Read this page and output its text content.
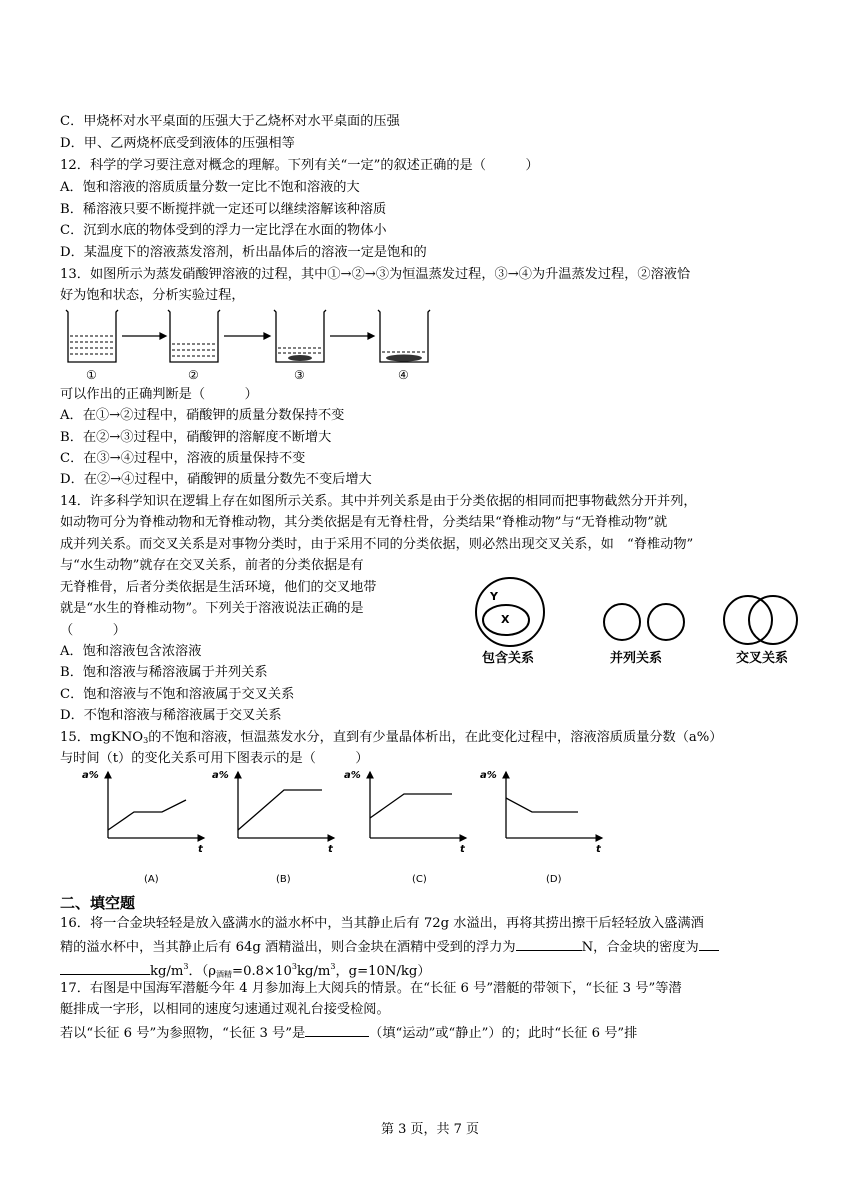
C．甲烧杯对水平桌面的压强大于乙烧杯对水平桌面的压强
D．甲、乙两烧杯底受到液体的压强相等
12．科学的学习要注意对概念的理解。下列有关“一定”的叙述正确的是（　　　）
A．饱和溶液的溶质质量分数一定比不饱和溶液的大
B．稀溶液只要不断搅拌就一定还可以继续溶解该种溶质
C．沉到水底的物体受到的浮力一定比浮在水面的物体小
D．某温度下的溶液蒸发溶剂，析出晶体后的溶液一定是饱和的
13．如图所示为蒸发硝酸钾溶液的过程，其中①→②→③为恒温蒸发过程，③→④为升温蒸发过程，②溶液恰
好为饱和状态，分析实验过程，
①	②	③	④
可以作出的正确判断是（　　　）
A．在①→②过程中，硝酸钾的质量分数保持不变
B．在②→③过程中，硝酸钾的溶解度不断增大
C．在③→④过程中，溶液的质量保持不变
D．在②→④过程中，硝酸钾的质量分数先不变后增大
14．许多科学知识在逻辑上存在如图所示关系。其中并列关系是由于分类依据的相同而把事物截然分开并列，
如动物可分为脊椎动物和无脊椎动物，其分类依据是有无脊柱骨，分类结果“脊椎动物”与“无脊椎动物”就
成并列关系。而交叉关系是对事物分类时，由于采用不同的分类依据，则必然出现交叉关系，如　“脊椎动物”
与“水生动物”就存在交叉关系，前者的分类依据是有
无脊椎骨，后者分类依据是生活环境，他们的交叉地带
就是“水生的脊椎动物”。下列关于溶液说法正确的是
（　　　）
A．饱和溶液包含浓溶液
B．饱和溶液与稀溶液属于并列关系
C．饱和溶液与不饱和溶液属于交叉关系
D．不饱和溶液与稀溶液属于交叉关系
Y
X
包含关系	并列关系	交叉关系
15．mgKNO$_3$的不饱和溶液，恒温蒸发水分，直到有少量晶体析出，在此变化过程中，溶液溶质质量分数（a%）
与时间（t）的变化关系可用下图表示的是（　　　）
a%	a%	a%	a%
t	t	t	t
(A)	(B)	(C)	(D)
二、填空题
16．将一合金块轻轻是放入盛满水的溢水杯中，当其静止后有 72g 水溢出，再将其捞出擦干后轻轻放入盛满酒
精的溢水杯中，当其静止后有 64g 酒精溢出，则合金块在酒精中受到的浮力为	N，合金块的密度为
$kg/m^3$．（$\rho_{酒精}=0.8\times 10^3kg/m^3$，g=10N/kg）
17．右图是中国海军潜艇今年 4 月参加海上大阅兵的情景。在“长征 6 号”潜艇的带领下，“长征 3 号”等潜
艇排成一字形，以相同的速度匀速通过观礼台接受检阅。
若以“长征 6 号”为参照物，“长征 3 号”是	（填“运动”或“静止”）的；此时“长征 6 号”排
第 3 页，共 7 页
